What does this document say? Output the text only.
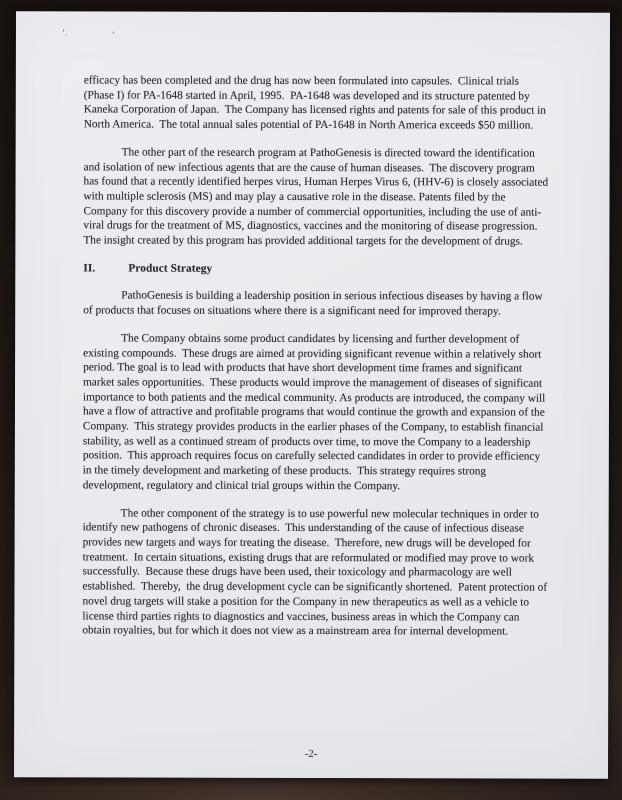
’.	’

efficacy has been completed and the drug has now been formulated into capsules.  Clinical trials (Phase I) for PA-1648 started in April, 1995.  PA-1648 was developed and its structure patented by Kaneka Corporation of Japan.  The Company has licensed rights and patents for sale of this product in North America.  The total annual sales potential of PA-1648 in North America exceeds $50 million.

The other part of the research program at PathoGenesis is directed toward the identification and isolation of new infectious agents that are the cause of human diseases.  The discovery program has found that a recently identified herpes virus, Human Herpes Virus 6, (HHV-6) is closely associated with multiple sclerosis (MS) and may play a causative role in the disease. Patents filed by the Company for this discovery provide a number of commercial opportunities, including the use of anti-viral drugs for the treatment of MS, diagnostics, vaccines and the monitoring of disease progression.  The insight created by this program has provided additional targets for the development of drugs.

II.	Product Strategy

PathoGenesis is building a leadership position in serious infectious diseases by having a flow of products that focuses on situations where there is a significant need for improved therapy.

The Company obtains some product candidates by licensing and further development of existing compounds.  These drugs are aimed at providing significant revenue within a relatively short period. The goal is to lead with products that have short development time frames and significant market sales opportunities.  These products would improve the management of diseases of significant importance to both patients and the medical community. As products are introduced, the company will have a flow of attractive and profitable programs that would continue the growth and expansion of the Company.  This strategy provides products in the earlier phases of the Company, to establish financial stability, as well as a continued stream of products over time, to move the Company to a leadership position.  This approach requires focus on carefully selected candidates in order to provide efficiency in the timely development and marketing of these products.  This strategy requires strong development, regulatory and clinical trial groups within the Company.

The other component of the strategy is to use powerful new molecular techniques in order to identify new pathogens of chronic diseases.  This understanding of the cause of infectious disease provides new targets and ways for treating the disease.  Therefore, new drugs will be developed for treatment.  In certain situations, existing drugs that are reformulated or modified may prove to work successfully.  Because these drugs have been used, their toxicology and pharmacology are well established.  Thereby,  the drug development cycle can be significantly shortened.  Patent protection of novel drug targets will stake a position for the Company in new therapeutics as well as a vehicle to license third parties rights to diagnostics and vaccines, business areas in which the Company can obtain royalties, but for which it does not view as a mainstream area for internal development.

-2-
